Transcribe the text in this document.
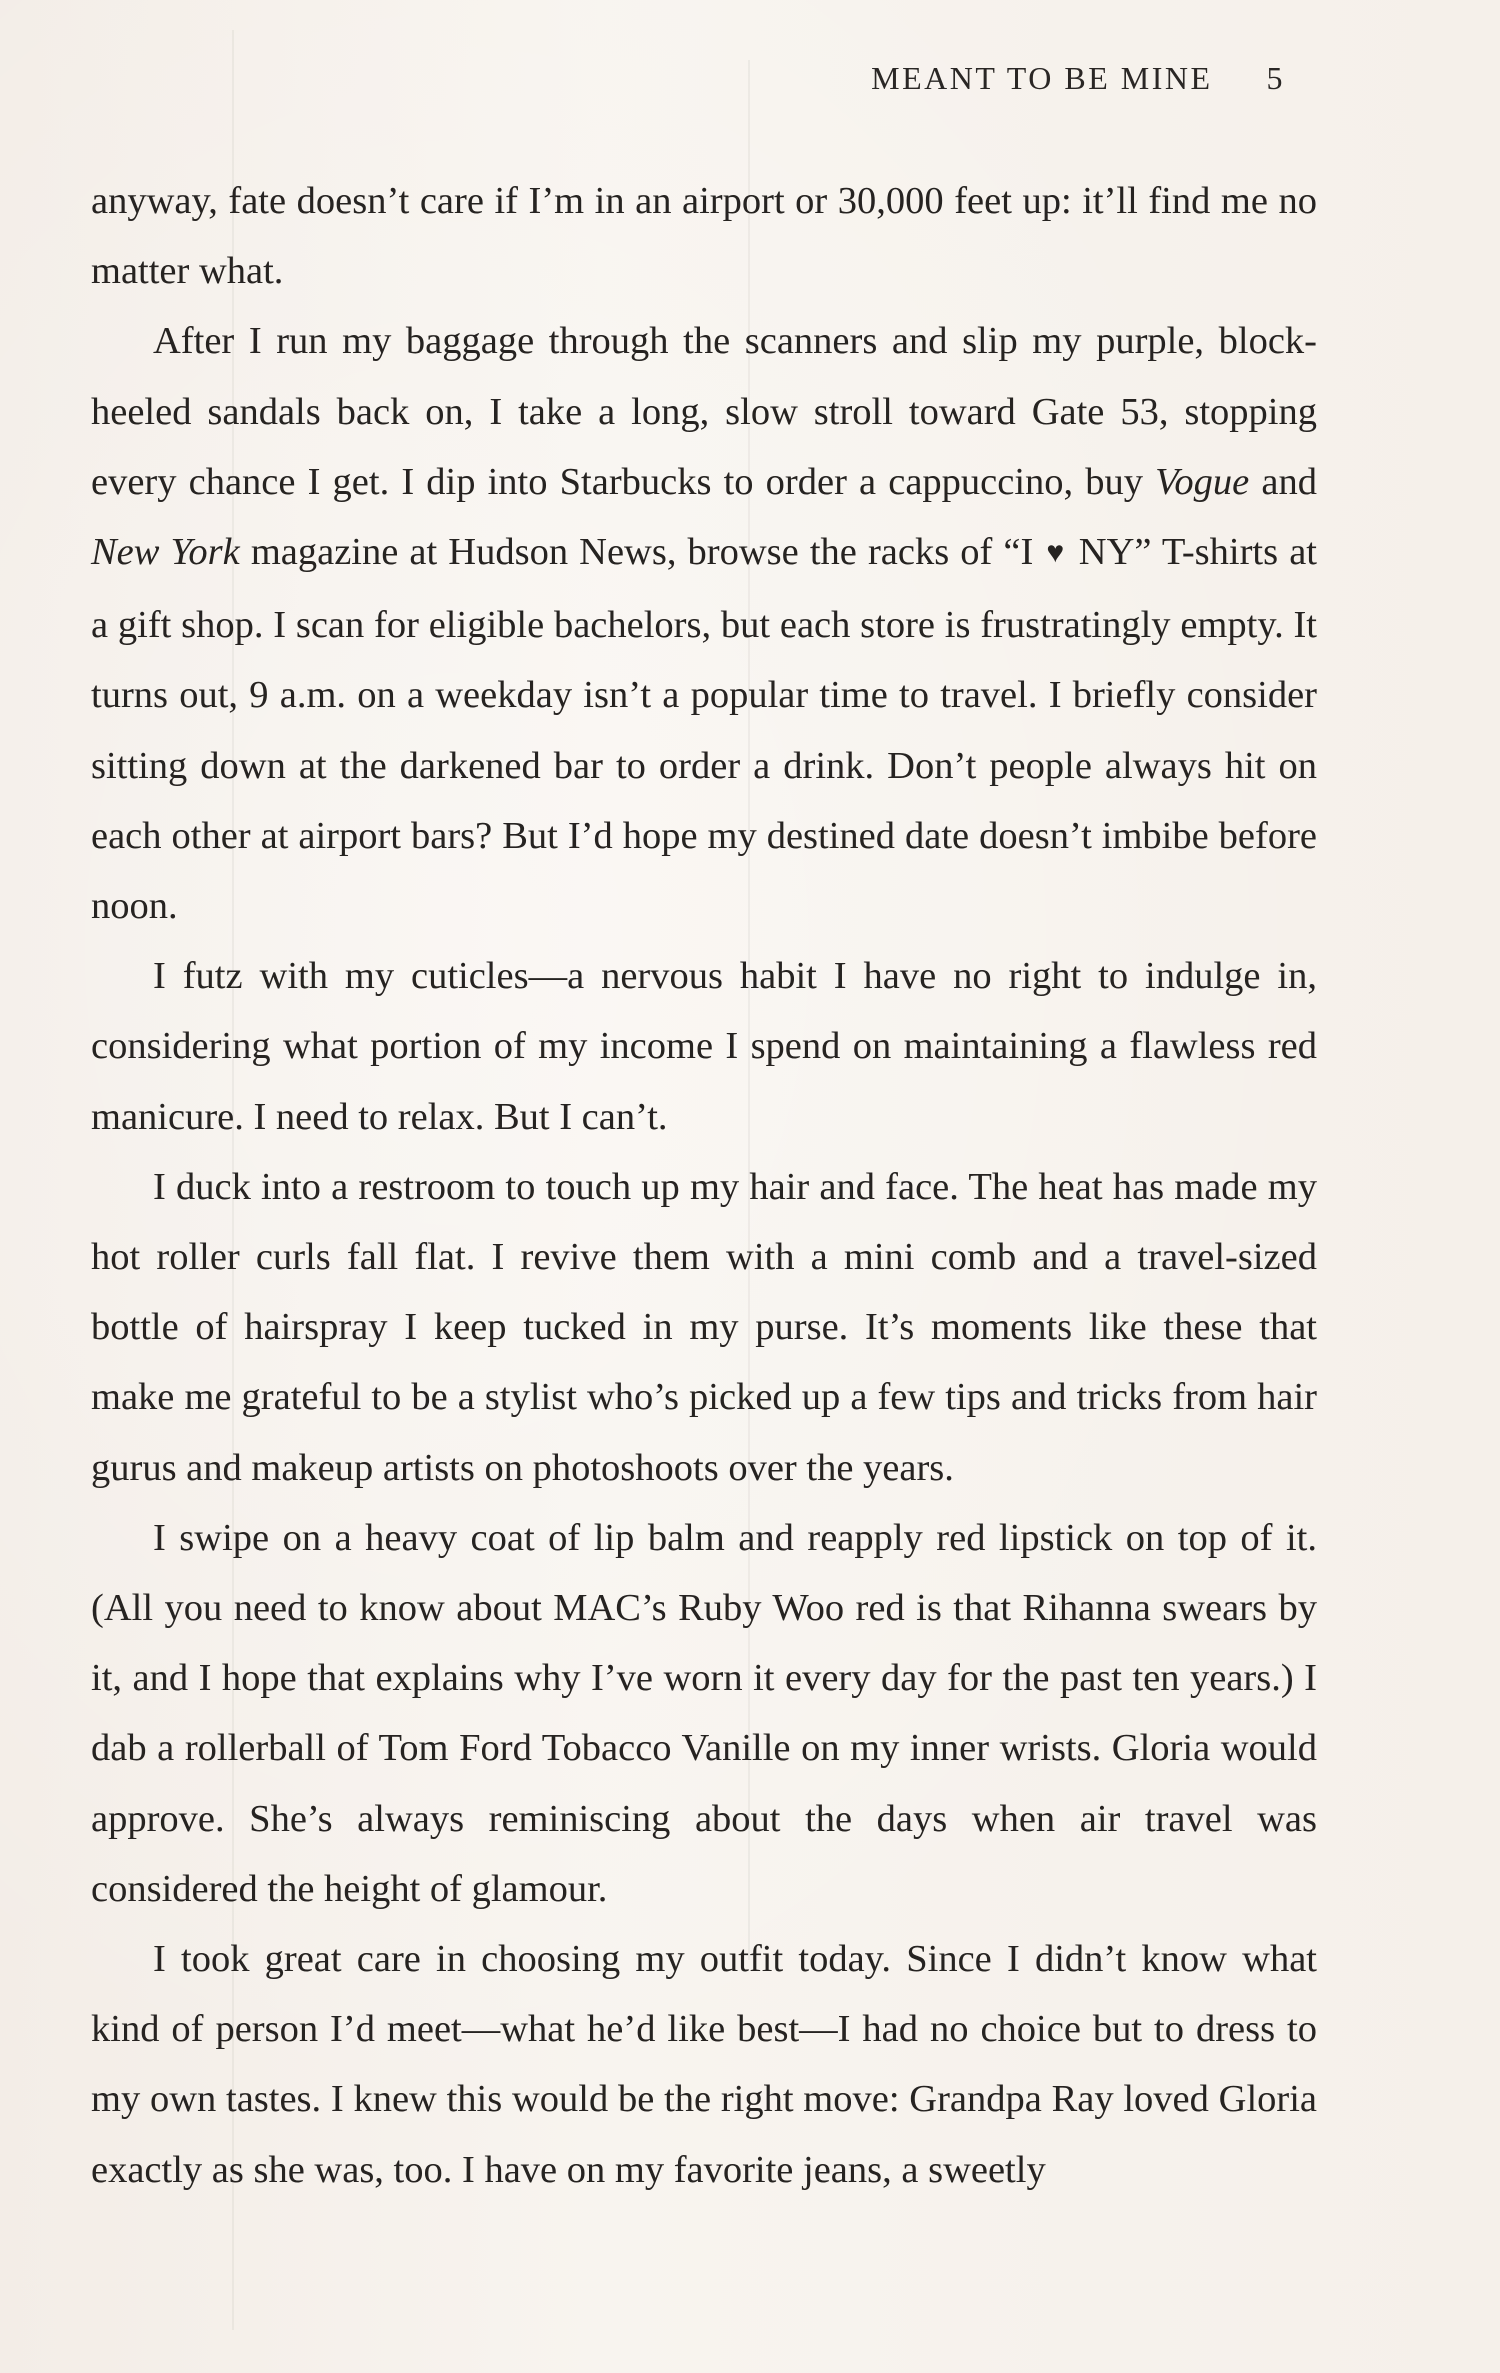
MEANT TO BE MINE 5

anyway, fate doesn’t care if I’m in an airport or 30,000 feet up: it’ll find me no matter what.

After I run my baggage through the scanners and slip my purple, block-heeled sandals back on, I take a long, slow stroll toward Gate 53, stopping every chance I get. I dip into Starbucks to order a cappuccino, buy Vogue and New York magazine at Hudson News, browse the racks of “I ♥ NY” T-shirts at a gift shop. I scan for eligible bachelors, but each store is frustratingly empty. It turns out, 9 a.m. on a weekday isn’t a popular time to travel. I briefly consider sitting down at the darkened bar to order a drink. Don’t people always hit on each other at airport bars? But I’d hope my destined date doesn’t imbibe before noon.

I futz with my cuticles—a nervous habit I have no right to indulge in, considering what portion of my income I spend on maintaining a flawless red manicure. I need to relax. But I can’t.

I duck into a restroom to touch up my hair and face. The heat has made my hot roller curls fall flat. I revive them with a mini comb and a travel-sized bottle of hairspray I keep tucked in my purse. It’s moments like these that make me grateful to be a stylist who’s picked up a few tips and tricks from hair gurus and makeup artists on photoshoots over the years.

I swipe on a heavy coat of lip balm and reapply red lipstick on top of it. (All you need to know about MAC’s Ruby Woo red is that Rihanna swears by it, and I hope that explains why I’ve worn it every day for the past ten years.) I dab a rollerball of Tom Ford Tobacco Vanille on my inner wrists. Gloria would approve. She’s always reminiscing about the days when air travel was considered the height of glamour.

I took great care in choosing my outfit today. Since I didn’t know what kind of person I’d meet—what he’d like best—I had no choice but to dress to my own tastes. I knew this would be the right move: Grandpa Ray loved Gloria exactly as she was, too. I have on my favorite jeans, a sweetly
